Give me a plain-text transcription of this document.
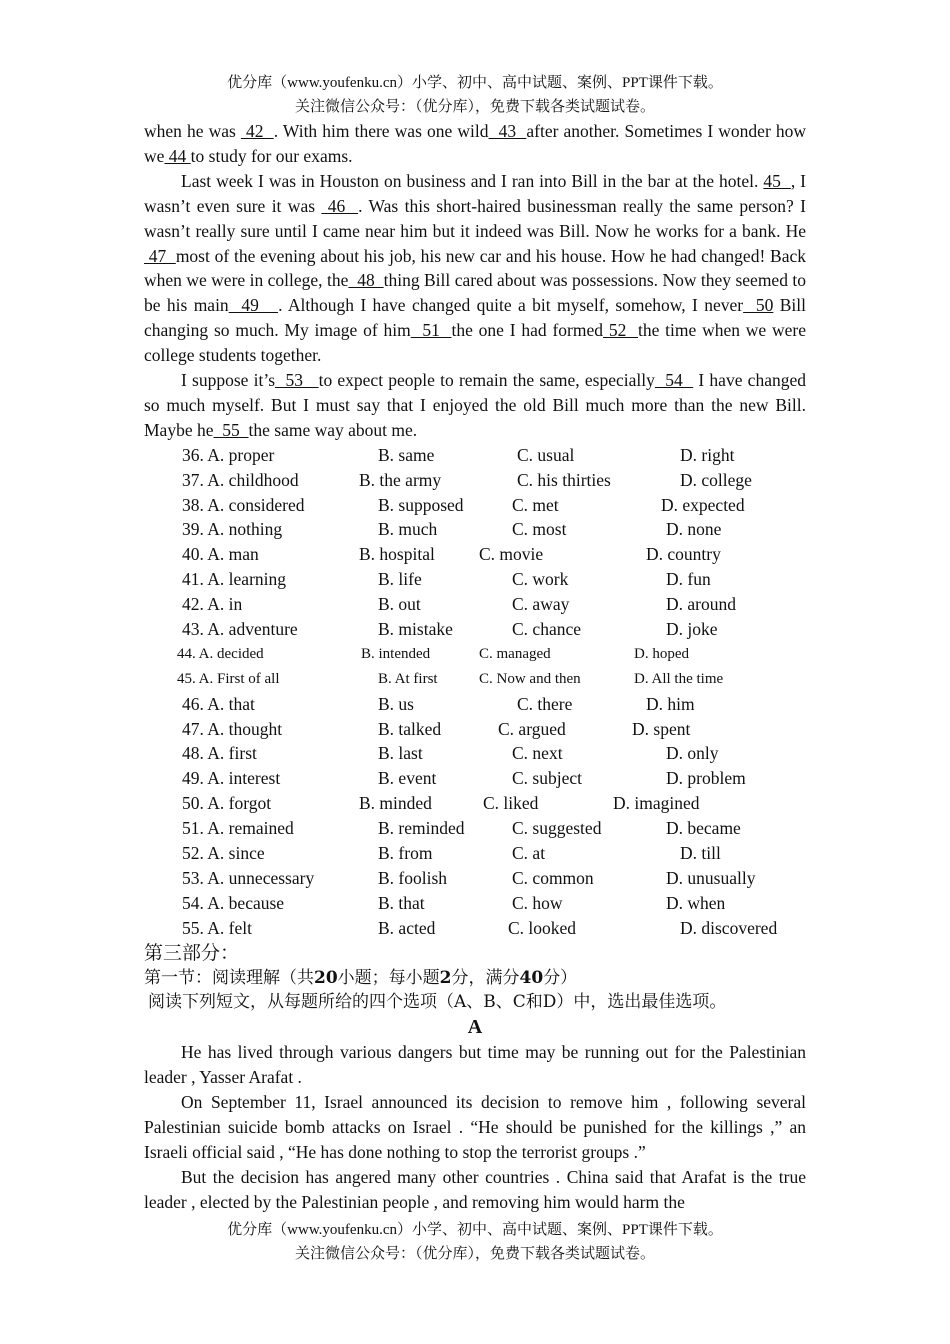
优分库（www.youfenku.cn）小学、初中、高中试题、案例、PPT课件下载。
关注微信公众号：（优分库），免费下载各类试题试卷。

when he was  42  . With him there was one wild  43  after another. Sometimes I wonder how we 44 to study for our exams.

Last week I was in Houston on business and I ran into Bill in the bar at the hotel. 45  , I wasn’t even sure it was  46  . Was this short-haired businessman really the same person? I wasn’t really sure until I came near him but it indeed was Bill. Now he works for a bank. He  47  most of the evening about his job, his new car and his house. How he had changed! Back when we were in college, the  48  thing Bill cared about was possessions. Now they seemed to be his main  49   . Although I have changed quite a bit myself, somehow, I never  50 Bill changing so much. My image of him  51  the one I had formed 52  the time when we were college students together.

I suppose it’s  53   to expect people to remain the same, especially  54   I have changed so much myself. But I must say that I enjoyed the old Bill much more than the new Bill. Maybe he  55  the same way about me.

36. A. proper	B. same	C. usual	D. right
37. A. childhood	B. the army	C. his thirties	D. college
38. A. considered	B. supposed	C. met	D. expected
39. A. nothing	B. much	C. most	D. none
40. A. man	B. hospital	C. movie	D. country
41. A. learning	B. life	C. work	D. fun
42. A. in	B. out	C. away	D. around
43. A. adventure	B. mistake	C. chance	D. joke
44. A. decided	B. intended	C. managed	D. hoped
45. A. First of all	B. At first	C. Now and then	D. All the time
46. A. that	B. us	C. there	D. him
47. A. thought	B. talked	C. argued	D. spent
48. A. first	B. last	C. next	D. only
49. A. interest	B. event	C. subject	D. problem
50. A. forgot	B. minded	C. liked	D. imagined
51. A. remained	B. reminded	C. suggested	D. became
52. A. since	B. from	C. at	D. till
53. A. unnecessary	B. foolish	C. common	D. unusually
54. A. because	B. that	C. how	D. when
55. A. felt	B. acted	C. looked	D. discovered
第三部分：
第一节：阅读理解（共20小题；每小题2分，满分40分）
阅读下列短文，从每题所给的四个选项（A、B、C和D）中，选出最佳选项。
A

He has lived through various dangers but time may be running out for the Palestinian leader , Yasser Arafat .

On September 11, Israel announced its decision to remove him , following several Palestinian suicide bomb attacks on Israel . “He should be punished for the killings ,” an Israeli official said , “He has done nothing to stop the terrorist groups .”

But the decision has angered many other countries . China said that Arafat is the true leader , elected by the Palestinian people , and removing him would harm the

优分库（www.youfenku.cn）小学、初中、高中试题、案例、PPT课件下载。
关注微信公众号：（优分库），免费下载各类试题试卷。
